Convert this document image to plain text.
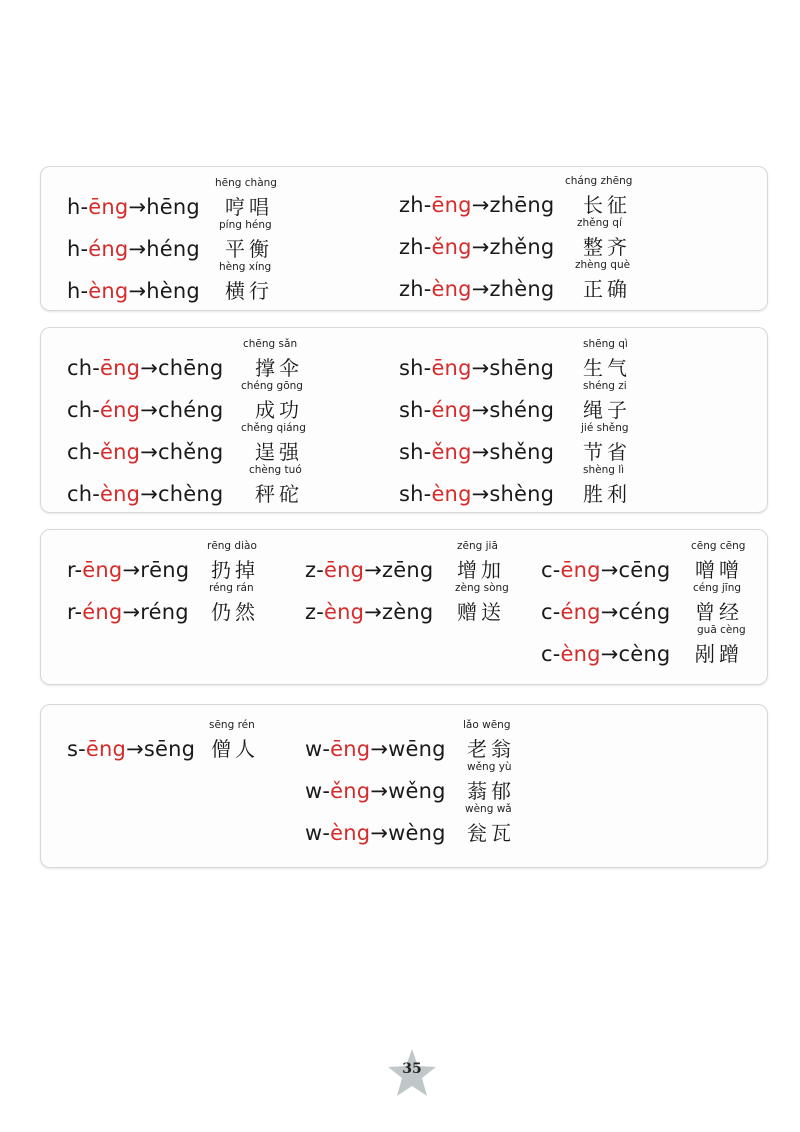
hēng chàng
h-ēng→hēng 哼唱
píng héng
h-éng→héng 平衡
hèng xíng
h-èng→hèng 横行
cháng zhēng
zh-ēng→zhēng 长征
zhěng qí
zh-ěng→zhěng 整齐
zhèng què
zh-èng→zhèng 正确
chēng sǎn
ch-ēng→chēng 撑伞
chéng gōng
ch-éng→chéng 成功
chěng qiáng
ch-ěng→chěng 逞强
chèng tuó
ch-èng→chèng 秤砣
shēng qì
sh-ēng→shēng 生气
shéng zi
sh-éng→shéng 绳子
jié shěng
sh-ěng→shěng 节省
shèng lì
sh-èng→shèng 胜利
rēng diào
r-ēng→rēng 扔掉
réng rán
r-éng→réng 仍然
zēng jiā
z-ēng→zēng 增加
zèng sòng
z-èng→zèng 赠送
cēng cēng
c-ēng→cēng 噌噌
céng jīng
c-éng→céng 曾经
guā cèng
c-èng→cèng 剐蹭
sēng rén
s-ēng→sēng 僧人
lǎo wēng
w-ēng→wēng 老翁
wěng yù
w-ěng→wěng 蓊郁
wèng wǎ
w-èng→wèng 瓮瓦
35
